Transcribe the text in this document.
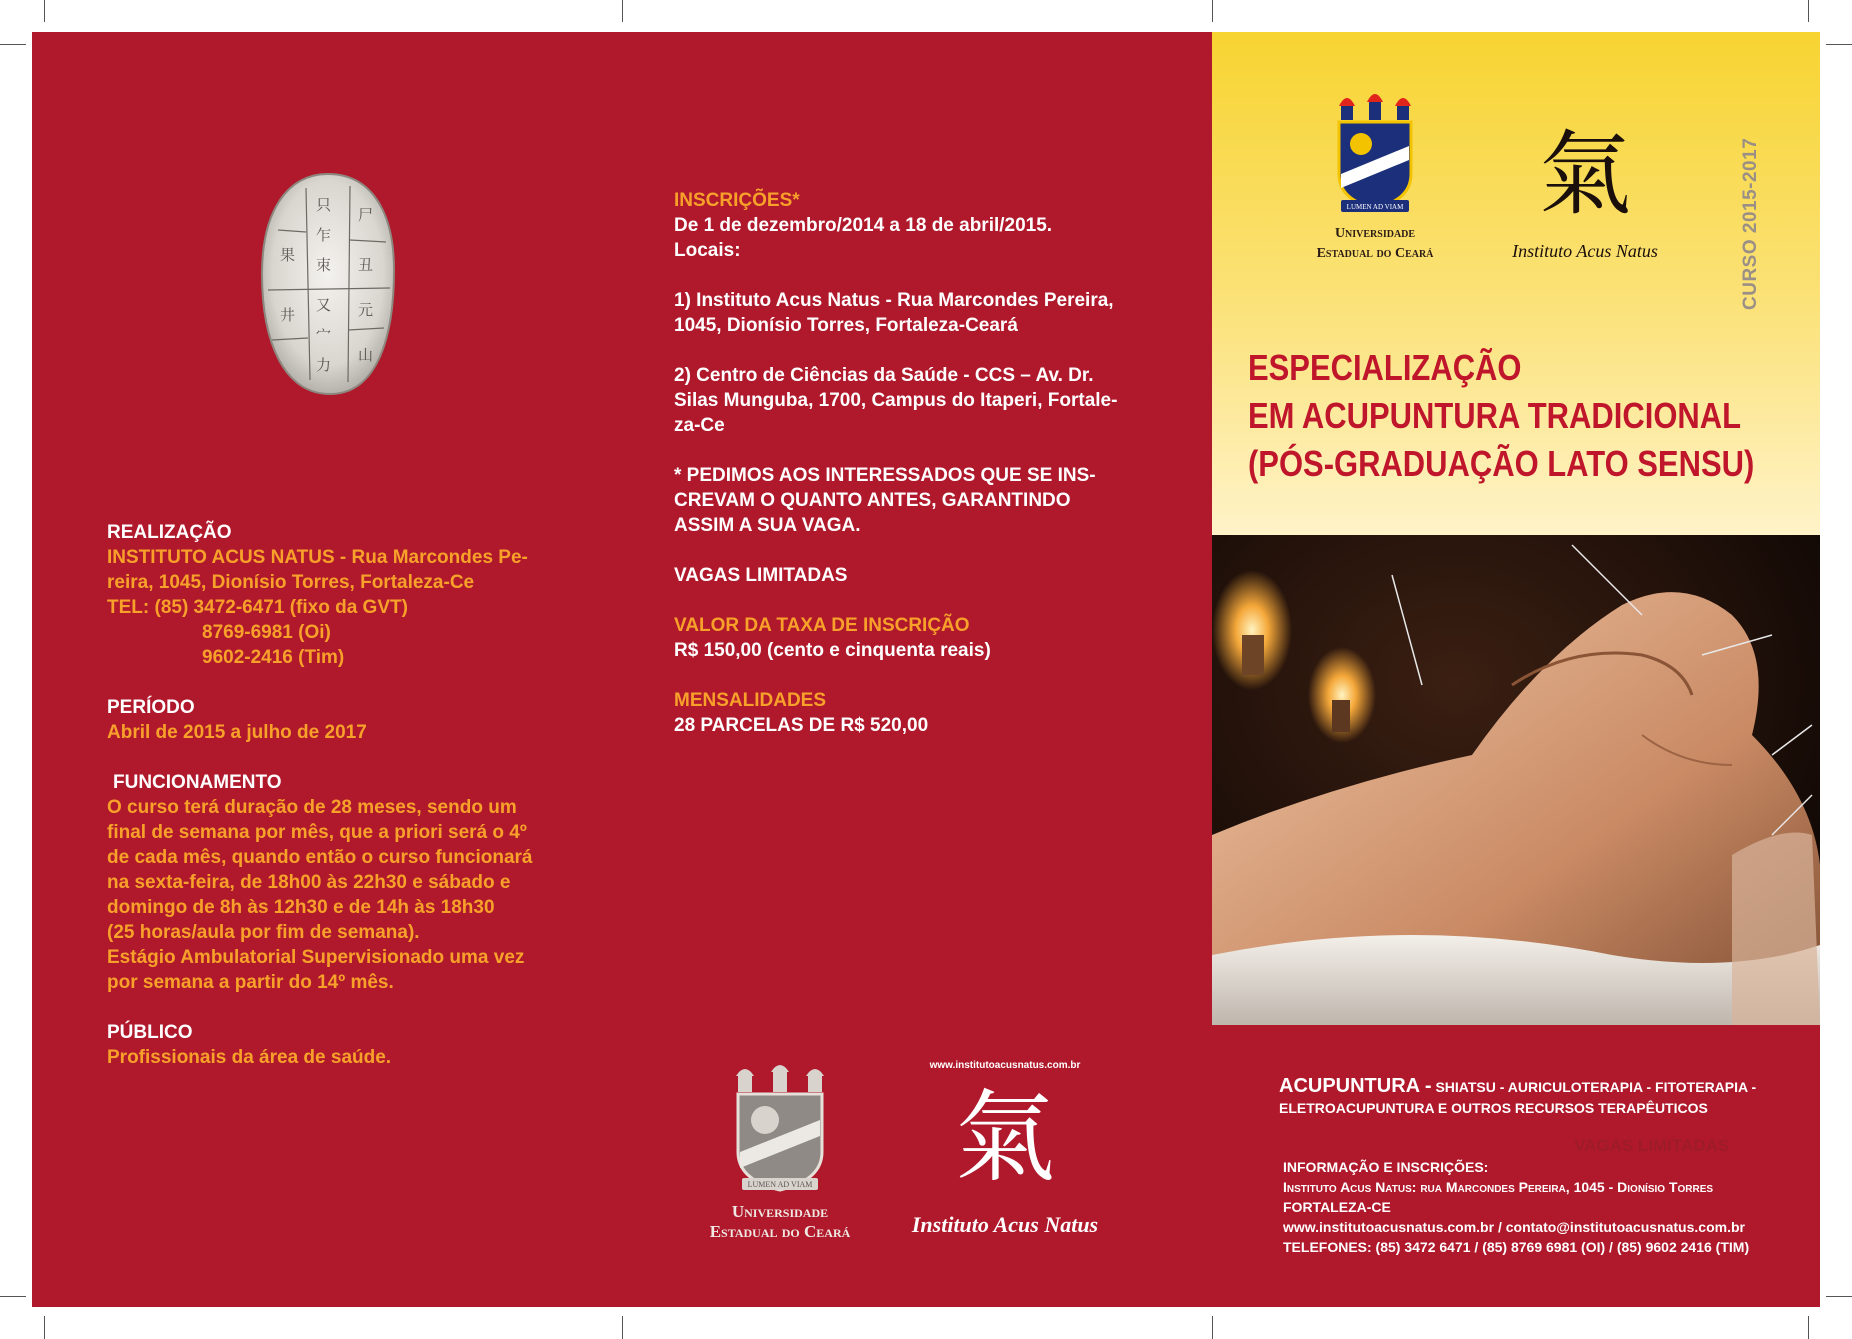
只
乍
朿
又
宀
力
果
井
尸
丑
元
山
REALIZAÇÃO
INSTITUTO ACUS NATUS - Rua Marcondes Pe-
reira, 1045, Dionísio Torres, Fortaleza-Ce
TEL: (85) 3472-6471 (fixo da GVT)
8769-6981 (Oi)
9602-2416 (Tim)
PERÍODO
Abril de 2015 a julho de 2017
FUNCIONAMENTO
O curso terá duração de 28 meses, sendo um
final de semana por mês, que a priori será o 4º
de cada mês, quando então o curso funcionará
na sexta-feira, de 18h00 às 22h30 e sábado e
domingo de 8h às 12h30 e de 14h às 18h30
(25 horas/aula por fim de semana).
Estágio Ambulatorial Supervisionado uma vez
por semana a partir do 14º mês.
PÚBLICO
Profissionais da área de saúde.
INSCRIÇÕES*
De 1 de dezembro/2014 a 18 de abril/2015.
Locais:
1) Instituto Acus Natus - Rua Marcondes Pereira,
1045, Dionísio Torres, Fortaleza-Ceará
2) Centro de Ciências da Saúde - CCS – Av. Dr.
Silas Munguba, 1700, Campus do Itaperi, Fortale-
za-Ce
* PEDIMOS AOS INTERESSADOS QUE SE INS-
CREVAM O QUANTO ANTES, GARANTINDO
ASSIM A SUA VAGA.
VAGAS LIMITADAS
VALOR DA TAXA DE INSCRIÇÃO
R$ 150,00 (cento e cinquenta reais)
MENSALIDADES
28 PARCELAS DE R$ 520,00
LUMEN AD VIAM
Universidade
Estadual do Ceará
www.institutoacusnatus.com.br
氣
Instituto Acus Natus
LUMEN AD VIAM
Universidade
Estadual do Ceará
氣
Instituto Acus Natus	CURSO 2015-2017
ESPECIALIZAÇÃO
EM ACUPUNTURA TRADICIONAL
(PÓS-GRADUAÇÃO LATO SENSU)
ACUPUNTURA - SHIATSU - AURICULOTERAPIA - FITOTERAPIA -
ELETROACUPUNTURA E OUTROS RECURSOS TERAPÊUTICOS
VAGAS LIMITADAS
INFORMAÇÃO E INSCRIÇÕES:
Instituto Acus Natus: rua Marcondes Pereira, 1045 - Dionísio Torres
FORTALEZA-CE
www.institutoacusnatus.com.br / contato@institutoacusnatus.com.br
TELEFONES: (85) 3472 6471 / (85) 8769 6981 (OI) / (85) 9602 2416 (TIM)
